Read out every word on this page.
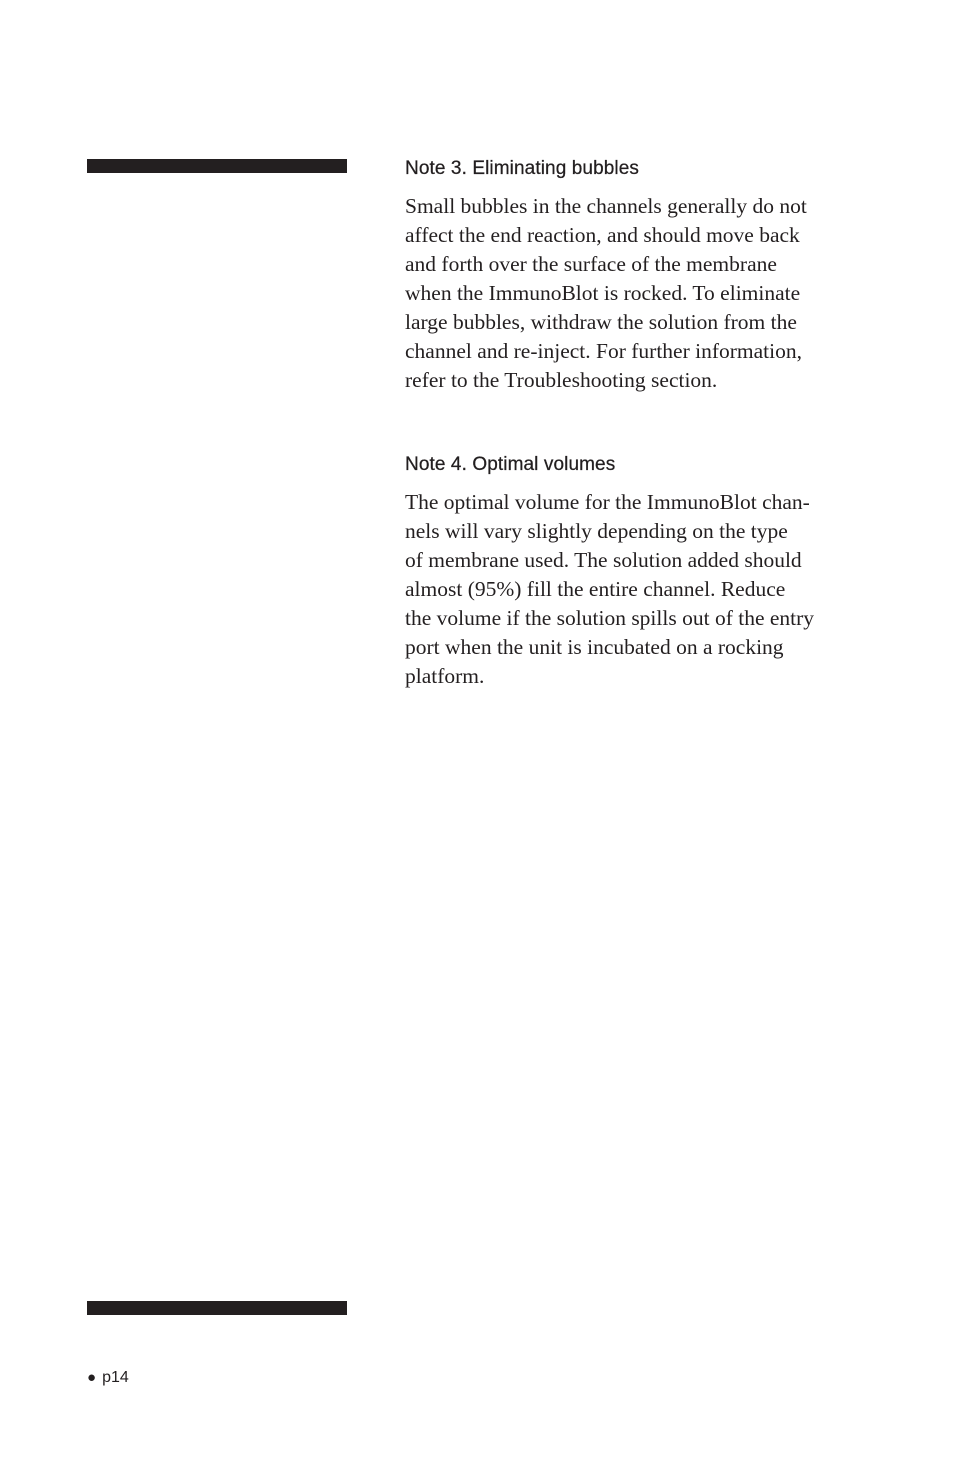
Note 3. Eliminating bubbles

Small bubbles in the channels generally do not
affect the end reaction, and should move back
and forth over the surface of the membrane
when the ImmunoBlot is rocked. To eliminate
large bubbles, withdraw the solution from the
channel and re-inject. For further information,
refer to the Troubleshooting section.

Note 4. Optimal volumes

The optimal volume for the ImmunoBlot chan-
nels will vary slightly depending on the type
of membrane used. The solution added should
almost (95%) fill the entire channel. Reduce
the volume if the solution spills out of the entry
port when the unit is incubated on a rocking
platform.

● p14
